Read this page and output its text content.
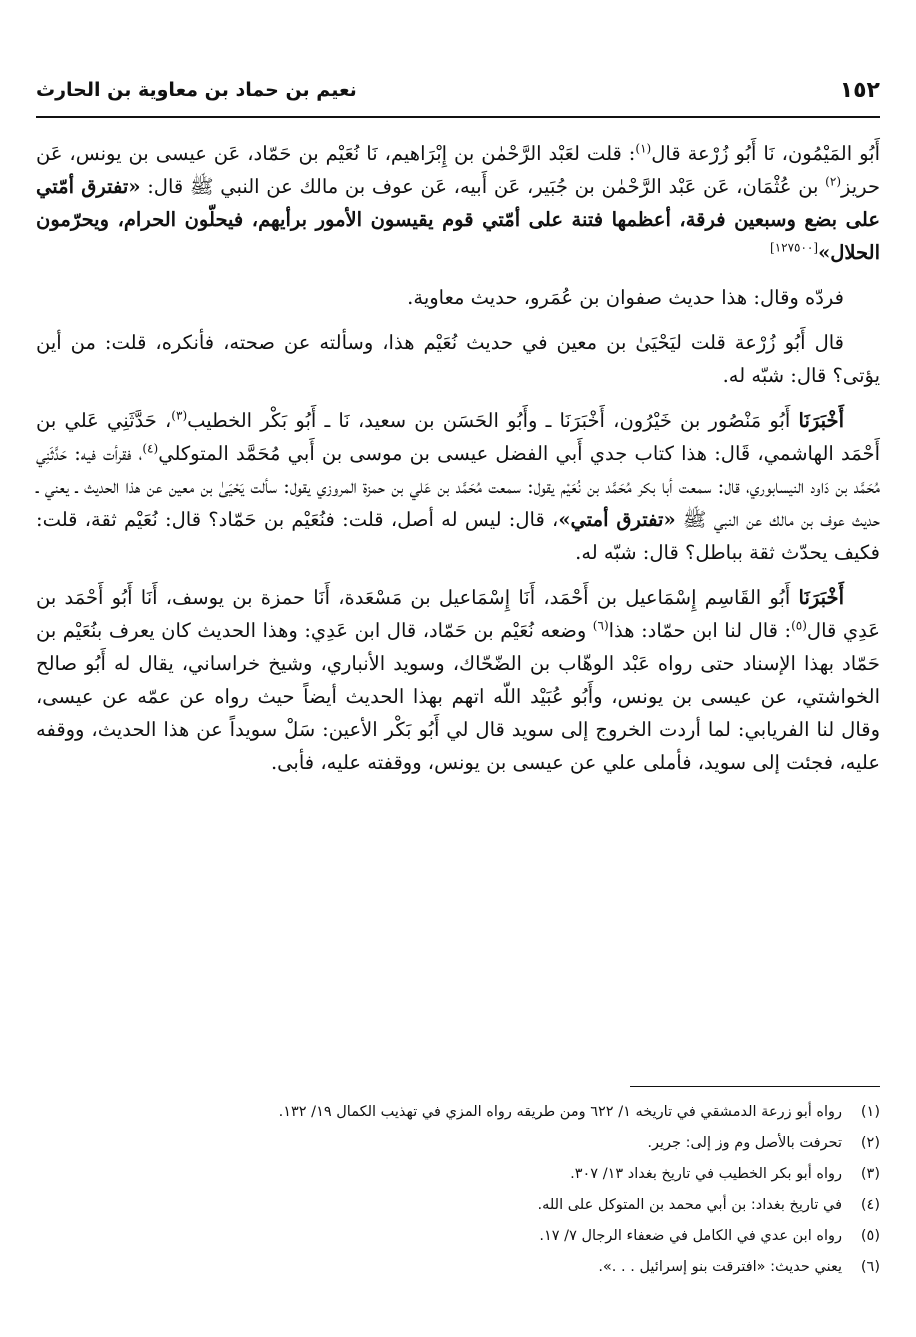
١٥٢
نعيم بن حماد بن معاوية بن الحارث

أَبُو المَيْمُون، نَا أَبُو زُرْعة قال$^{(١)}$: قلت لعَبْد الرَّحْمٰن بن إِبْرَاهيم، نَا نُعَيْم بن حَمّاد، عَن عيسى بن يونس، عَن حريز$^{(٢)}$ بن عُثْمَان، عَن عَبْد الرَّحْمٰن بن جُبَير، عَن أَبيه، عَن عوف بن مالك عن النبي ﷺ قال: «تفترق أمّتي على بضع وسبعين فرقة، أعظمها فتنة على أمّتي قوم يقيسون الأمور برأيهم، فيحلّون الحرام، ويحرّمون الحلال»[١٢٧٥٠٠]

فردّه وقال: هذا حديث صفوان بن عُمَرو، حديث معاوية.

قال أَبُو زُرْعة قلت ليَحْيَىٰ بن معين في حديث نُعَيْم هذا، وسألته عن صحته، فأنكره، قلت: من أين يؤتى؟ قال: شبّه له.

أَخْبَرَنَا أَبُو مَنْصُور بن خَيْرُون، أَخْبَرَنَا ـ وأَبُو الحَسَن بن سعيد، نَا ـ أَبُو بَكْر الخطيب$^{(٣)}$، حَدَّثَنِي عَلي بن أَحْمَد الهاشمي، قَال: هذا كتاب جدي أَبي الفضل عيسى بن موسى بن أَبي مُحَمَّد المتوكلي$^{(٤)}$، فقرأت فيه: حَدَّثَنِي مُحَمَّد بن دَاود النيسابوري، قال: سمعت أبا بكر مُحَمَّد بن نُعَيْم يقول: سمعت مُحَمَّد بن عَلي بن حمزة المروزي يقول: سألت يَحْيَىٰ بن معين عن هذا الحديث ـ يعني ـ حديث عوف بن مالك عن النبي ﷺ «تفترق أمتي»، قال: ليس له أصل، قلت: فنُعَيْم بن حَمّاد؟ قال: نُعَيْم ثقة، قلت: فكيف يحدّث ثقة بباطل؟ قال: شبّه له.

أَخْبَرَنَا أَبُو القَاسِم إِسْمَاعيل بن أَحْمَد، أَنَا إِسْمَاعيل بن مَسْعَدة، أَنَا حمزة بن يوسف، أَنَا أَبُو أَحْمَد بن عَدِي قال$^{(٥)}$: قال لنا ابن حمّاد: هذا$^{(٦)}$ وضعه نُعَيْم بن حَمّاد، قال ابن عَدِي: وهذا الحديث كان يعرف بنُعَيْم بن حَمّاد بهذا الإسناد حتى رواه عَبْد الوهّاب بن الضّحّاك، وسويد الأنباري، وشيخ خراساني، يقال له أَبُو صالح الخواشتي، عن عيسى بن يونس، وأَبُو عُبَيْد اللّه اتهم بهذا الحديث أيضاً حيث رواه عن عمّه عن عيسى، وقال لنا الفريابي: لما أردت الخروج إلى سويد قال لي أَبُو بَكْر الأعين: سَلْ سويداً عن هذا الحديث، ووقفه عليه، فجئت إلى سويد، فأملى علي عن عيسى بن يونس، ووقفته عليه، فأبى.

(١)
رواه أبو زرعة الدمشقي في تاريخه ١/ ٦٢٢ ومن طريقه رواه المزي في تهذيب الكمال ١٩/ ١٣٢.
(٢)
تحرفت بالأصل وم وز إلى: جرير.
(٣)
رواه أبو بكر الخطيب في تاريخ بغداد ١٣/ ٣٠٧.
(٤)
في تاريخ بغداد: بن أبي محمد بن المتوكل على الله.
(٥)
رواه ابن عدي في الكامل في ضعفاء الرجال ٧/ ١٧.
(٦)
يعني حديث: «افترقت بنو إسرائيل . . .».
